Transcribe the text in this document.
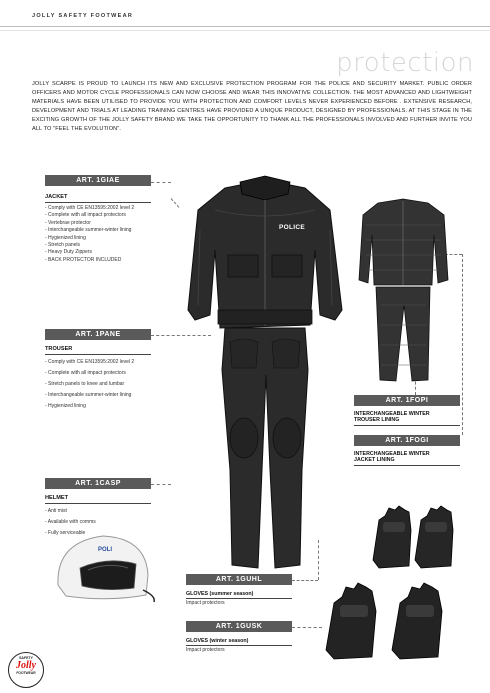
JOLLY SAFETY FOOTWEAR
protection
JOLLY SCARPE IS PROUD TO LAUNCH ITS NEW AND EXCLUSIVE PROTECTION PROGRAM FOR THE POLICE AND SECURITY MARKET. PUBLIC ORDER OFFICERS AND MOTOR CYCLE PROFESSIONALS CAN NOW CHOOSE AND WEAR THIS INNOVATIVE COLLECTION. THE MOST ADVANCED AND LIGHTWEIGHT MATERIALS HAVE BEEN UTILISED TO PROVIDE YOU WITH PROTECTION AND COMFORT LEVELS NEVER EXPERIENCED BEFORE . EXTENSIVE RESEARCH, DEVELOPMENT AND TRIALS AT LEADING TRAINING CENTRES HAVE PROVIDED A UNIQUE PRODUCT, DESIGNED BY PROFESSIONALS. AT THIS STAGE IN THE EXCITING GROWTH OF THE JOLLY SAFETY BRAND WE TAKE THE OPPORTUNITY TO THANK ALL THE PROFESSIONALS INVOLVED AND FURTHER INVITE YOU ALL TO "FEEL THE EVOLUTION".
ART. 1GIAE
JACKET
- Comply with CE EN13595:2002 level 2
- Complete with all impact protectors
- Vertebrae protector
- Interchangeable summer-winter lining
- Hygienized lining
- Stretch panels
- Heavy Duty Zippers
- BACK PROTECTOR INCLUDED
ART. 1PANE
TROUSER
- Comply with CE EN13595:2002 level 2
- Complete with all impact protectors
- Stretch panels to knee and lumbar
- Interchangeable summer-winter lining
- Hygienized lining
ART. 1CASP
HELMET
- Anti mist
- Available with comms
- Fully serviceable
ART. 1FOPI
INTERCHANGEABLE WINTER
TROUSER LINING
ART. 1FOGI
INTERCHANGEABLE WINTER
JACKET LINING
ART. 1GUHL
GLOVES (summer season)
Impact protectors
ART. 1GUSK
GLOVES (winter season)
Impact protectors
POLICE
POLI
SAFETY
Jolly
FOOTWEAR
